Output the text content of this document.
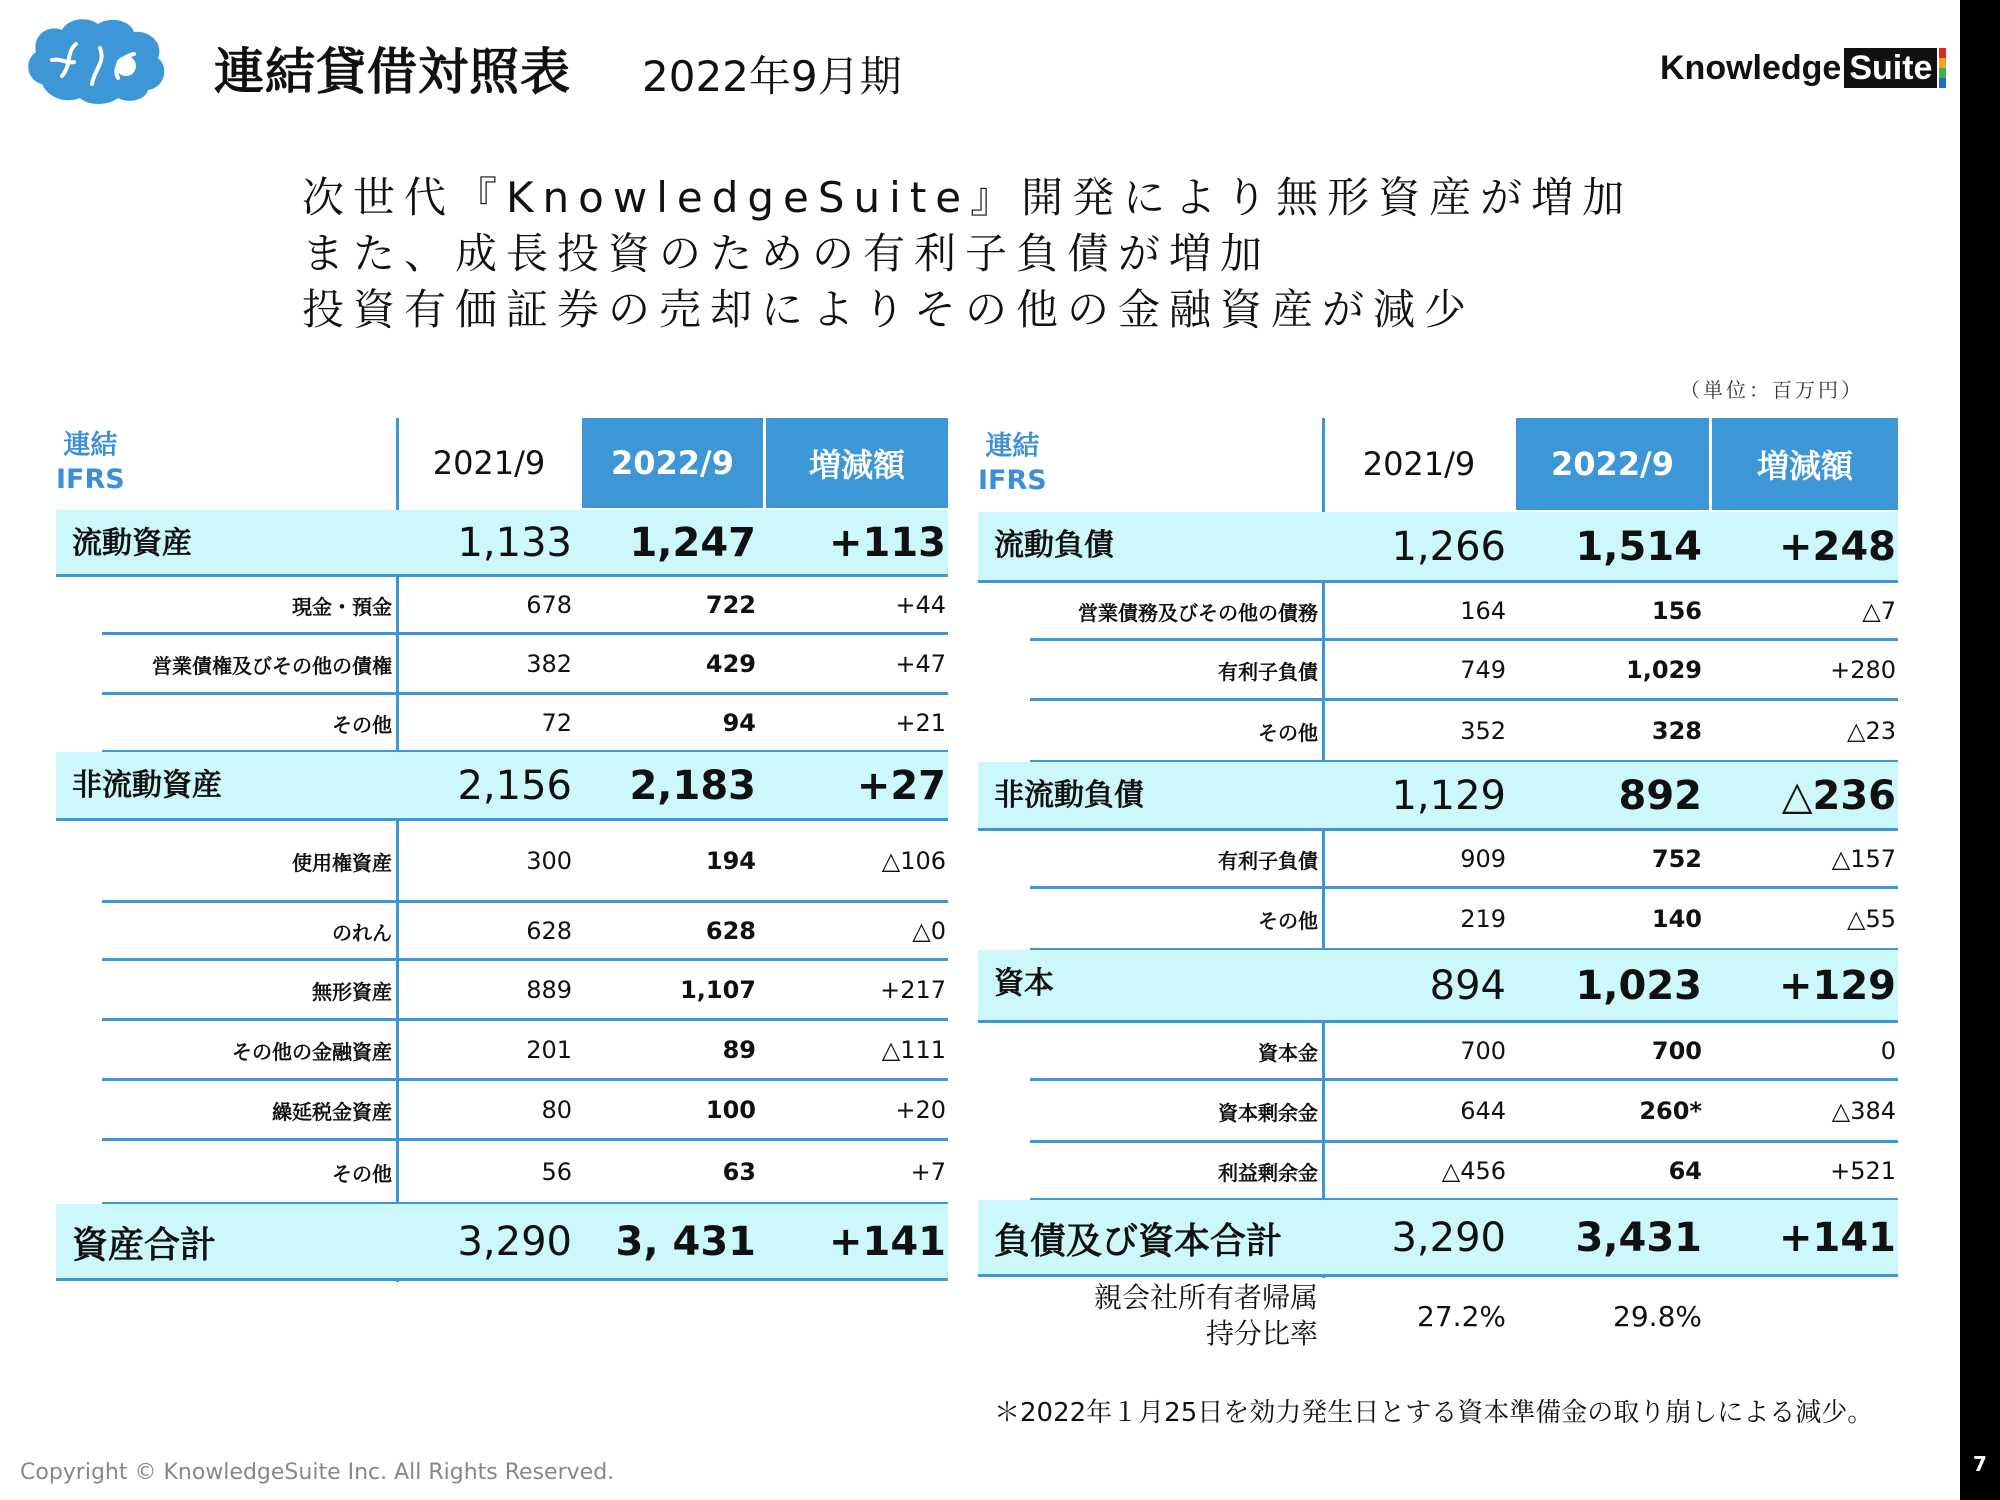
連結貸借対照表 2022年9月期	Knowledge Suite
7
次世代『KnowledgeSuite』開発により無形資産が増加
また、成長投資のための有利子負債が増加
投資有価証券の売却によりその他の金融資産が減少
（単位：百万円）
連結
IFRS	2021/9	2022/9	増減額
流動資産	1,133	1,247	+113
現金・預金	678	722	+44
営業債権及びその他の債権	382	429	+47
その他	72	94	+21
非流動資産	2,156	2,183	+27
使用権資産	300	194	△106
のれん	628	628	△0
無形資産	889	1,107	+217
その他の金融資産	201	89	△111
繰延税金資産	80	100	+20
その他	56	63	+7
資産合計	3,290	3, 431	+141
連結
IFRS	2021/9	2022/9	増減額
流動負債	1,266	1,514	+248
営業債務及びその他の債務	164	156	△7
有利子負債	749	1,029	+280
その他	352	328	△23
非流動負債	1,129	892	△236
有利子負債	909	752	△157
その他	219	140	△55
資本	894	1,023	+129
資本金	700	700	0
資本剰余金	644	260*	△384
利益剰余金	△456	64	+521
負債及び資本合計	3,290	3,431	+141
親会社所有者帰属
持分比率
27.2%	29.8%
＊2022年１月25日を効力発生日とする資本準備金の取り崩しによる減少。
Copyright © KnowledgeSuite Inc. All Rights Reserved.
